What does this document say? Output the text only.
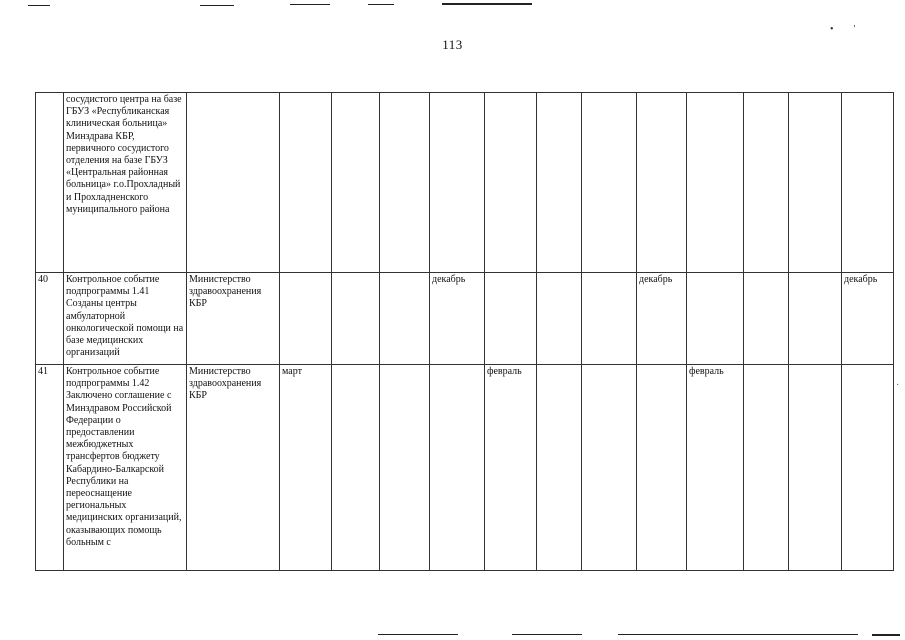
•        '
·
113
	сосудистого центра на базе ГБУЗ «Республиканская клиническая больница» Минздрава КБР, первичного сосудистого отделения на базе ГБУЗ «Центральная районная больница» г.о.Прохладный и Прохладненского муниципального района													
40	Контрольное событие подпрограммы 1.41 Созданы центры амбулаторной онкологической помощи на базе медицинских организаций	Министерство здравоохранения КБР				декабрь				декабрь				декабрь
41	Контрольное событие подпрограммы 1.42 Заключено соглашение с Минздравом Российской Федерации о предоставлении межбюджетных трансфертов бюджету Кабардино-Балкарской Республики на переоснащение региональных медицинских организаций, оказывающих помощь больным с	Министерство здравоохранения КБР	март				февраль				февраль			
